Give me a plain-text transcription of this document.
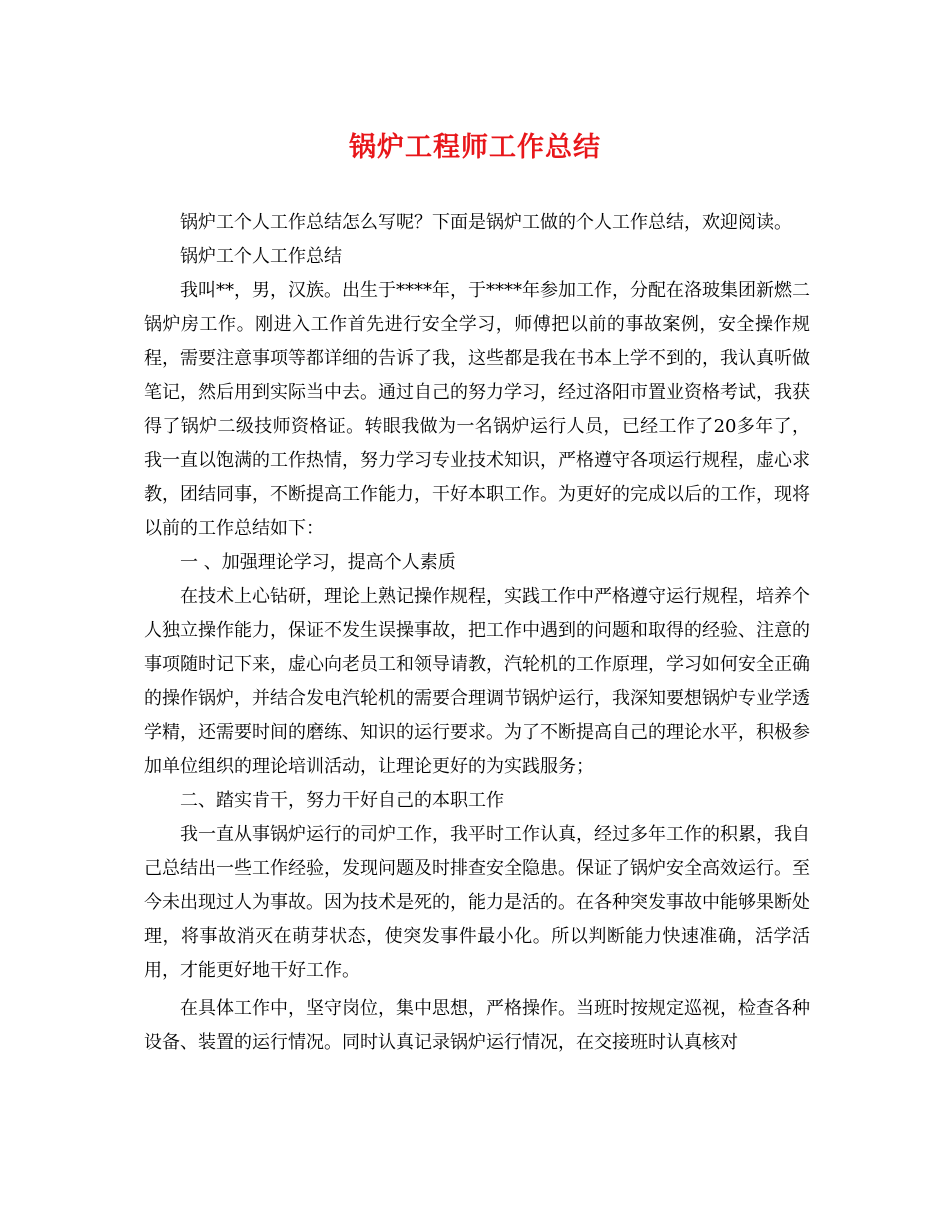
锅炉工程师工作总结

锅炉工个人工作总结怎么写呢？下面是锅炉工做的个人工作总结，欢迎阅读。

锅炉工个人工作总结

我叫**，男，汉族。出生于****年，于****年参加工作，分配在洛玻集团新燃二锅炉房工作。刚进入工作首先进行安全学习，师傅把以前的事故案例，安全操作规程，需要注意事项等都详细的告诉了我，这些都是我在书本上学不到的，我认真听做笔记，然后用到实际当中去。通过自己的努力学习，经过洛阳市置业资格考试，我获得了锅炉二级技师资格证。转眼我做为一名锅炉运行人员，已经工作了20多年了，我一直以饱满的工作热情，努力学习专业技术知识，严格遵守各项运行规程，虚心求教，团结同事，不断提高工作能力，干好本职工作。为更好的完成以后的工作，现将以前的工作总结如下：

一 、加强理论学习，提高个人素质

在技术上心钻研，理论上熟记操作规程，实践工作中严格遵守运行规程，培养个人独立操作能力，保证不发生误操事故，把工作中遇到的问题和取得的经验、注意的事项随时记下来，虚心向老员工和领导请教，汽轮机的工作原理，学习如何安全正确的操作锅炉，并结合发电汽轮机的需要合理调节锅炉运行，我深知要想锅炉专业学透学精，还需要时间的磨练、知识的运行要求。为了不断提高自己的理论水平，积极参加单位组织的理论培训活动，让理论更好的为实践服务；

二、踏实肯干，努力干好自己的本职工作

我一直从事锅炉运行的司炉工作，我平时工作认真，经过多年工作的积累，我自己总结出一些工作经验，发现问题及时排查安全隐患。保证了锅炉安全高效运行。至今未出现过人为事故。因为技术是死的，能力是活的。在各种突发事故中能够果断处理，将事故消灭在萌芽状态，使突发事件最小化。所以判断能力快速准确，活学活用，才能更好地干好工作。

在具体工作中，坚守岗位，集中思想，严格操作。当班时按规定巡视，检查各种设备、装置的运行情况。同时认真记录锅炉运行情况，在交接班时认真核对
